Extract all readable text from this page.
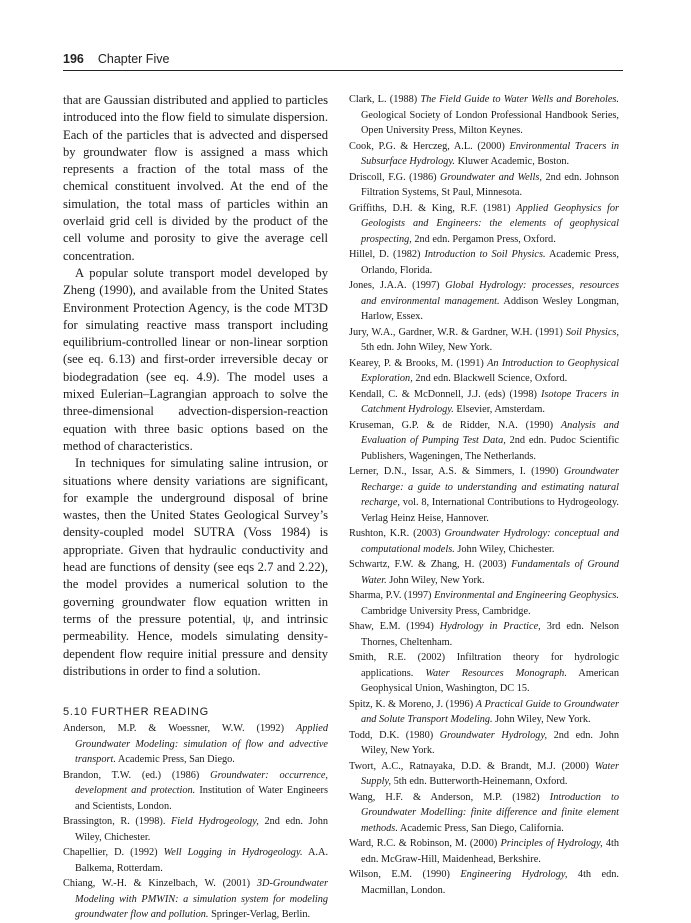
196 Chapter Five

that are Gaussian distributed and applied to particles introduced into the flow field to simulate dispersion. Each of the particles that is advected and dispersed by groundwater flow is assigned a mass which represents a fraction of the total mass of the chemical constituent involved. At the end of the simulation, the total mass of particles within an overlaid grid cell is divided by the product of the cell volume and porosity to give the average cell concentration.

A popular solute transport model developed by Zheng (1990), and available from the United States Environment Protection Agency, is the code MT3D for simulating reactive mass transport including equilibrium-controlled linear or non-linear sorption (see eq. 6.13) and first-order irreversible decay or biodegradation (see eq. 4.9). The model uses a mixed Eulerian–Lagrangian approach to solve the three-dimensional advection-dispersion-reaction equation with three basic options based on the method of characteristics.

In techniques for simulating saline intrusion, or situations where density variations are significant, for example the underground disposal of brine wastes, then the United States Geological Survey’s density-coupled model SUTRA (Voss 1984) is appropriate. Given that hydraulic conductivity and head are functions of density (see eqs 2.7 and 2.22), the model provides a numerical solution to the governing groundwater flow equation written in terms of the pressure potential, ψ, and intrinsic permeability. Hence, models simulating density-dependent flow require initial pressure and density distributions in order to find a solution.

5.10 FURTHER READING

Anderson, M.P. & Woessner, W.W. (1992) Applied Groundwater Modeling: simulation of flow and advective transport. Academic Press, San Diego.

Brandon, T.W. (ed.) (1986) Groundwater: occurrence, development and protection. Institution of Water Engineers and Scientists, London.

Brassington, R. (1998). Field Hydrogeology, 2nd edn. John Wiley, Chichester.

Chapellier, D. (1992) Well Logging in Hydrogeology. A.A. Balkema, Rotterdam.

Chiang, W.-H. & Kinzelbach, W. (2001) 3D-Groundwater Modeling with PMWIN: a simulation system for modeling groundwater flow and pollution. Springer-Verlag, Berlin.

Clark, L. (1988) The Field Guide to Water Wells and Boreholes. Geological Society of London Professional Handbook Series, Open University Press, Milton Keynes.

Cook, P.G. & Herczeg, A.L. (2000) Environmental Tracers in Subsurface Hydrology. Kluwer Academic, Boston.

Driscoll, F.G. (1986) Groundwater and Wells, 2nd edn. Johnson Filtration Systems, St Paul, Minnesota.

Griffiths, D.H. & King, R.F. (1981) Applied Geophysics for Geologists and Engineers: the elements of geophysical prospecting, 2nd edn. Pergamon Press, Oxford.

Hillel, D. (1982) Introduction to Soil Physics. Academic Press, Orlando, Florida.

Jones, J.A.A. (1997) Global Hydrology: processes, resources and environmental management. Addison Wesley Longman, Harlow, Essex.

Jury, W.A., Gardner, W.R. & Gardner, W.H. (1991) Soil Physics, 5th edn. John Wiley, New York.

Kearey, P. & Brooks, M. (1991) An Introduction to Geophysical Exploration, 2nd edn. Blackwell Science, Oxford.

Kendall, C. & McDonnell, J.J. (eds) (1998) Isotope Tracers in Catchment Hydrology. Elsevier, Amsterdam.

Kruseman, G.P. & de Ridder, N.A. (1990) Analysis and Evaluation of Pumping Test Data, 2nd edn. Pudoc Scientific Publishers, Wageningen, The Netherlands.

Lerner, D.N., Issar, A.S. & Simmers, I. (1990) Groundwater Recharge: a guide to understanding and estimating natural recharge, vol. 8, International Contributions to Hydrogeology. Verlag Heinz Heise, Hannover.

Rushton, K.R. (2003) Groundwater Hydrology: conceptual and computational models. John Wiley, Chichester.

Schwartz, F.W. & Zhang, H. (2003) Fundamentals of Ground Water. John Wiley, New York.

Sharma, P.V. (1997) Environmental and Engineering Geophysics. Cambridge University Press, Cambridge.

Shaw, E.M. (1994) Hydrology in Practice, 3rd edn. Nelson Thornes, Cheltenham.

Smith, R.E. (2002) Infiltration theory for hydrologic applications. Water Resources Monograph. American Geophysical Union, Washington, DC 15.

Spitz, K. & Moreno, J. (1996) A Practical Guide to Groundwater and Solute Transport Modeling. John Wiley, New York.

Todd, D.K. (1980) Groundwater Hydrology, 2nd edn. John Wiley, New York.

Twort, A.C., Ratnayaka, D.D. & Brandt, M.J. (2000) Water Supply, 5th edn. Butterworth-Heinemann, Oxford.

Wang, H.F. & Anderson, M.P. (1982) Introduction to Groundwater Modelling: finite difference and finite element methods. Academic Press, San Diego, California.

Ward, R.C. & Robinson, M. (2000) Principles of Hydrology, 4th edn. McGraw-Hill, Maidenhead, Berkshire.

Wilson, E.M. (1990) Engineering Hydrology, 4th edn. Macmillan, London.
